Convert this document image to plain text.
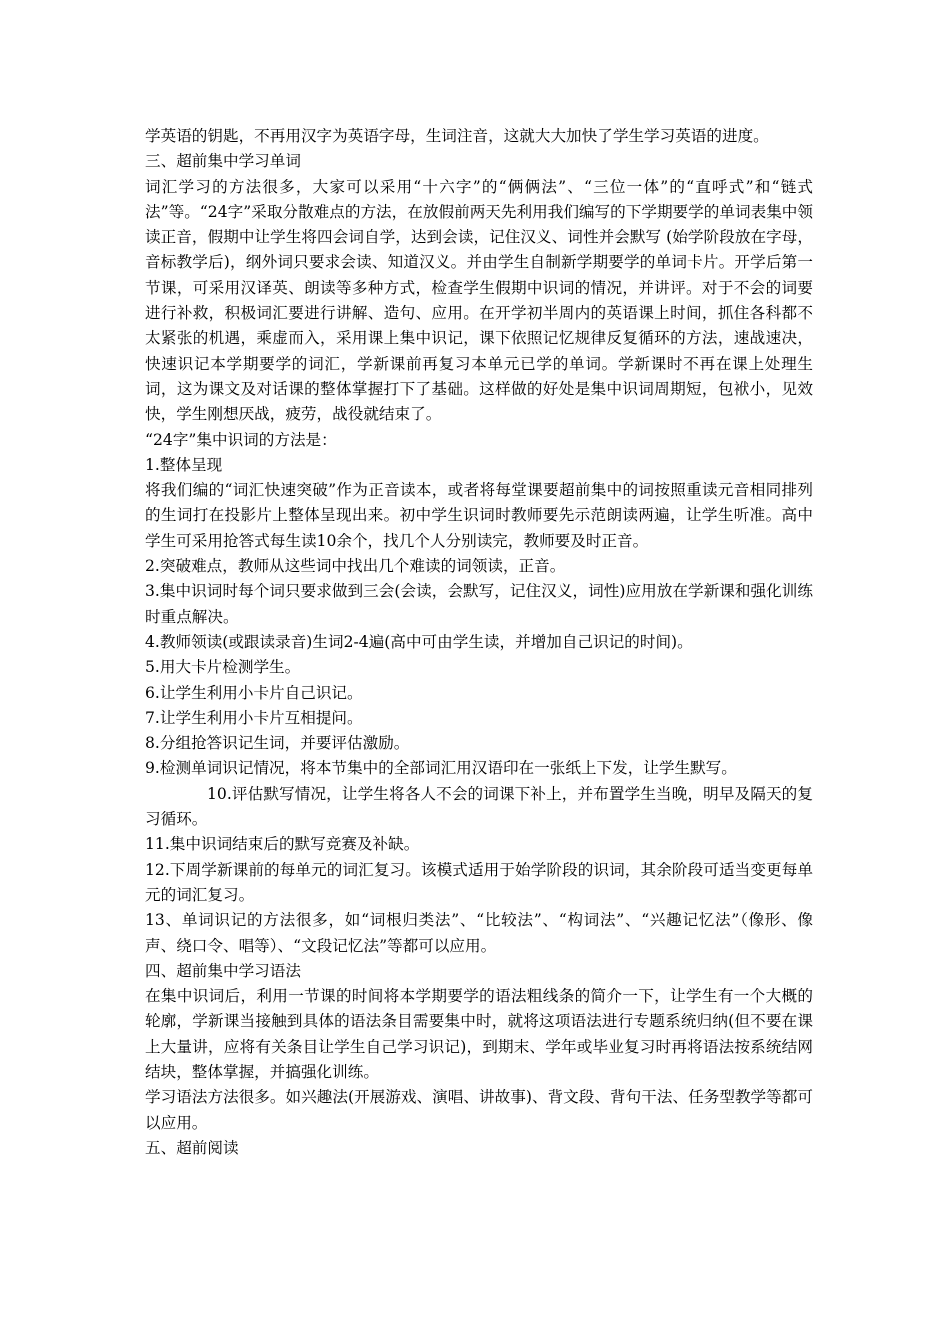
学英语的钥匙，不再用汉字为英语字母，生词注音，这就大大加快了学生学习英语的进度。

三、超前集中学习单词

词汇学习的方法很多，大家可以采用“十六字”的“俩俩法”、“三位一体”的“直呼式”和“链式法”等。“24字”采取分散难点的方法，在放假前两天先利用我们编写的下学期要学的单词表集中领读正音，假期中让学生将四会词自学，达到会读，记住汉义、词性并会默写 (始学阶段放在字母，音标教学后)，纲外词只要求会读、知道汉义。并由学生自制新学期要学的单词卡片。开学后第一节课，可采用汉译英、朗读等多种方式，检查学生假期中识词的情况，并讲评。对于不会的词要进行补救，积极词汇要进行讲解、造句、应用。在开学初半周内的英语课上时间，抓住各科都不太紧张的机遇，乘虚而入，采用课上集中识记，课下依照记忆规律反复循环的方法，速战速决，快速识记本学期要学的词汇，学新课前再复习本单元已学的单词。学新课时不再在课上处理生词，这为课文及对话课的整体掌握打下了基础。这样做的好处是集中识词周期短，包袱小，见效快，学生刚想厌战，疲劳，战役就结束了。

“24字”集中识词的方法是：

1.整体呈现

将我们编的“词汇快速突破”作为正音读本，或者将每堂课要超前集中的词按照重读元音相同排列的生词打在投影片上整体呈现出来。初中学生识词时教师要先示范朗读两遍，让学生听准。高中学生可采用抢答式每生读10余个，找几个人分别读完，教师要及时正音。

2.突破难点，教师从这些词中找出几个难读的词领读，正音。

3.集中识词时每个词只要求做到三会(会读，会默写，记住汉义，词性)应用放在学新课和强化训练时重点解决。

4.教师领读(或跟读录音)生词2-4遍(高中可由学生读，并增加自己识记的时间)。

5.用大卡片检测学生。

6.让学生利用小卡片自己识记。

7.让学生利用小卡片互相提问。

8.分组抢答识记生词，并要评估激励。

9.检测单词识记情况，将本节集中的全部词汇用汉语印在一张纸上下发，让学生默写。

10.评估默写情况，让学生将各人不会的词课下补上，并布置学生当晚，明早及隔天的复习循环。

11.集中识词结束后的默写竞赛及补缺。

12.下周学新课前的每单元的词汇复习。该模式适用于始学阶段的识词，其余阶段可适当变更每单元的词汇复习。

13、单词识记的方法很多，如“词根归类法”、“比较法”、“构词法”、“兴趣记忆法”（像形、像声、绕口令、唱等）、“文段记忆法”等都可以应用。

四、超前集中学习语法

在集中识词后，利用一节课的时间将本学期要学的语法粗线条的简介一下，让学生有一个大概的轮廓，学新课当接触到具体的语法条目需要集中时，就将这项语法进行专题系统归纳(但不要在课上大量讲，应将有关条目让学生自己学习识记)，到期末、学年或毕业复习时再将语法按系统结网结块，整体掌握，并搞强化训练。

学习语法方法很多。如兴趣法(开展游戏、演唱、讲故事)、背文段、背句干法、任务型教学等都可以应用。

五、超前阅读
